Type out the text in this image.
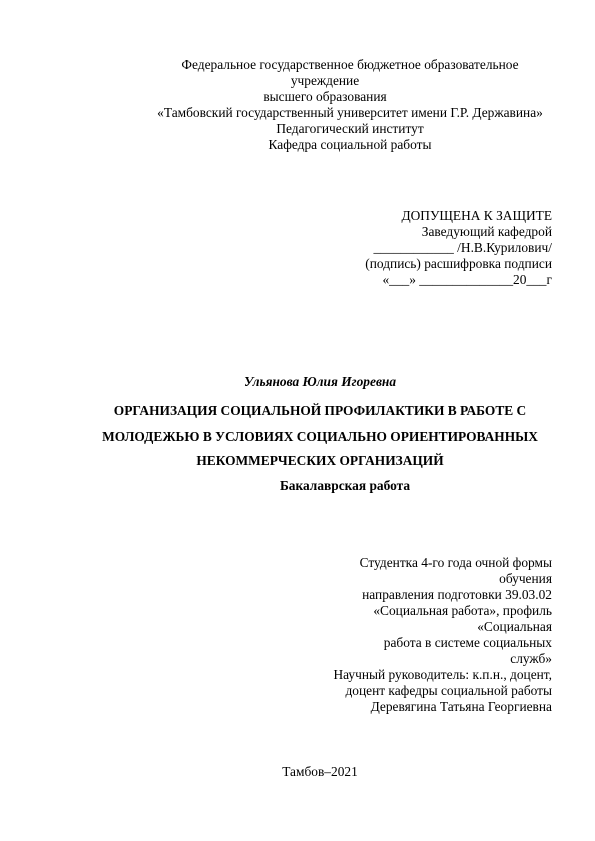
Федеральное государственное бюджетное образовательное
учреждение
высшего образования
«Тамбовский государственный университет имени Г.Р. Державина»
Педагогический институт
Кафедра социальной работы
ДОПУЩЕНА К ЗАЩИТЕ
Заведующий кафедрой
____________ /Н.В.Курилович/
(подпись) расшифровка подписи
«___» ______________20___г
Ульянова Юлия Игоревна
ОРГАНИЗАЦИЯ СОЦИАЛЬНОЙ ПРОФИЛАКТИКИ В РАБОТЕ С
МОЛОДЕЖЬЮ В УСЛОВИЯХ СОЦИАЛЬНО ОРИЕНТИРОВАННЫХ
НЕКОММЕРЧЕСКИХ ОРГАНИЗАЦИЙ
Бакалаврская работа
Студентка 4-го года очной формы
обучения
направления подготовки 39.03.02
«Социальная работа», профиль
«Социальная
работа в системе социальных
служб»
Научный руководитель: к.п.н., доцент,
доцент кафедры социальной работы
Деревягина Татьяна Георгиевна
Тамбов–2021
